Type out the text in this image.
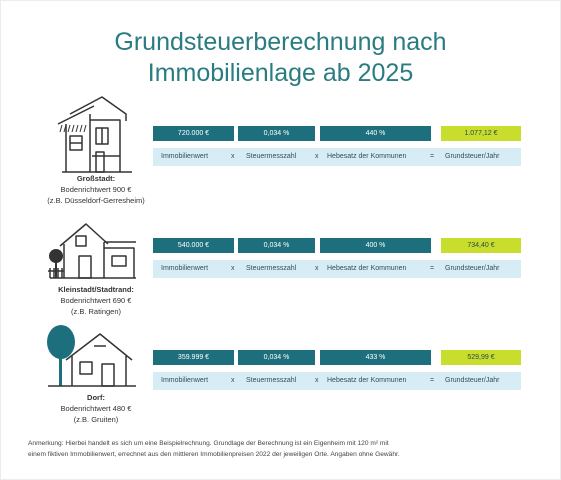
Grundsteuerberechnung nach
Immobilienlage ab 2025
Großstadt:
Bodenrichtwert 900 €
(z.B. Düsseldorf-Gerresheim)
720.000 €	0,034 %	440 %	1.077,12 €
Immobilienwert	x Steuermesszahl	x Hebesatz der Kommunen	= Grundsteuer/Jahr
Kleinstadt/Stadtrand:
Bodenrichtwert 690 €
(z.B. Ratingen)
540.000 €	0,034 %	400 %	734,40 €
Immobilienwert	x Steuermesszahl	x Hebesatz der Kommunen	= Grundsteuer/Jahr
Dorf:
Bodenrichtwert 480 €
(z.B. Gruiten)
359.999 €	0,034 %	433 %	529,99 €
Immobilienwert	x Steuermesszahl	x Hebesatz der Kommunen	= Grundsteuer/Jahr
Anmerkung: Hierbei handelt es sich um eine Beispielrechnung. Grundlage der Berechnung ist ein Eigenheim mit 120 m² mit
einem fiktiven Immobilienwert, errechnet aus den mittleren Immobilienpreisen 2022 der jeweiligen Orte. Angaben ohne Gewähr.
